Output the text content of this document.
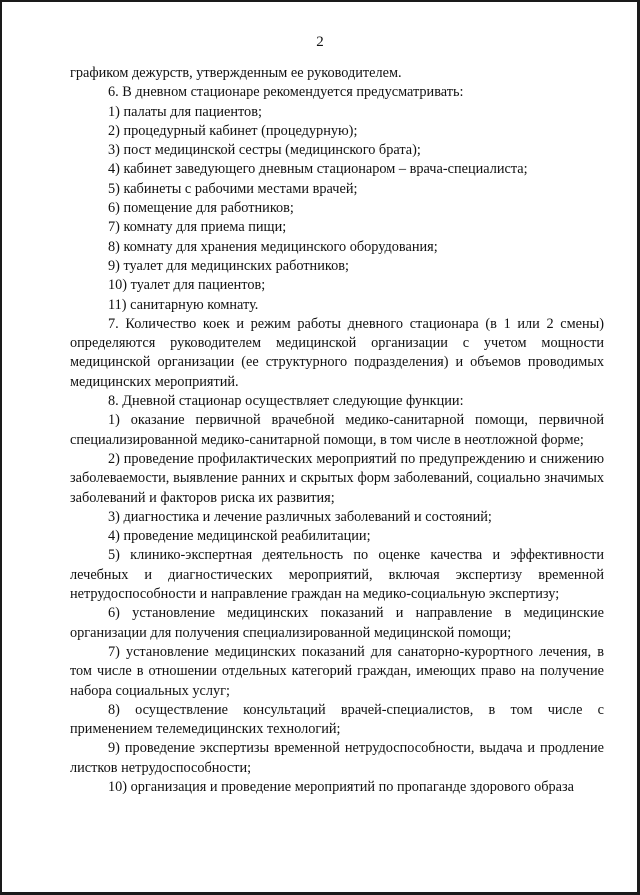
2

графиком дежурств, утвержденным ее руководителем.

6. В дневном стационаре рекомендуется предусматривать:

1) палаты для пациентов;

2) процедурный кабинет (процедурную);

3) пост медицинской сестры (медицинского брата);

4) кабинет заведующего дневным стационаром – врача-специалиста;

5) кабинеты с рабочими местами врачей;

6) помещение для работников;

7) комнату для приема пищи;

8) комнату для хранения медицинского оборудования;

9) туалет для медицинских работников;

10) туалет для пациентов;

11) санитарную комнату.

7. Количество коек и режим работы дневного стационара (в 1 или 2 смены) определяются руководителем медицинской организации с учетом мощности медицинской организации (ее структурного подразделения) и объемов проводимых медицинских мероприятий.

8. Дневной стационар осуществляет следующие функции:

1) оказание первичной врачебной медико-санитарной помощи, первичной специализированной медико-санитарной помощи, в том числе в неотложной форме;

2) проведение профилактических мероприятий по предупреждению и снижению заболеваемости, выявление ранних и скрытых форм заболеваний, социально значимых заболеваний и факторов риска их развития;

3) диагностика и лечение различных заболеваний и состояний;

4) проведение медицинской реабилитации;

5) клинико-экспертная деятельность по оценке качества и эффективности лечебных и диагностических мероприятий, включая экспертизу временной нетрудоспособности и направление граждан на медико-социальную экспертизу;

6) установление медицинских показаний и направление в медицинские организации для получения специализированной медицинской помощи;

7) установление медицинских показаний для санаторно-курортного лечения, в том числе в отношении отдельных категорий граждан, имеющих право на получение набора социальных услуг;

8) осуществление консультаций врачей-специалистов, в том числе с применением телемедицинских технологий;

9) проведение экспертизы временной нетрудоспособности, выдача и продление листков нетрудоспособности;

10) организация и проведение мероприятий по пропаганде здорового образа
